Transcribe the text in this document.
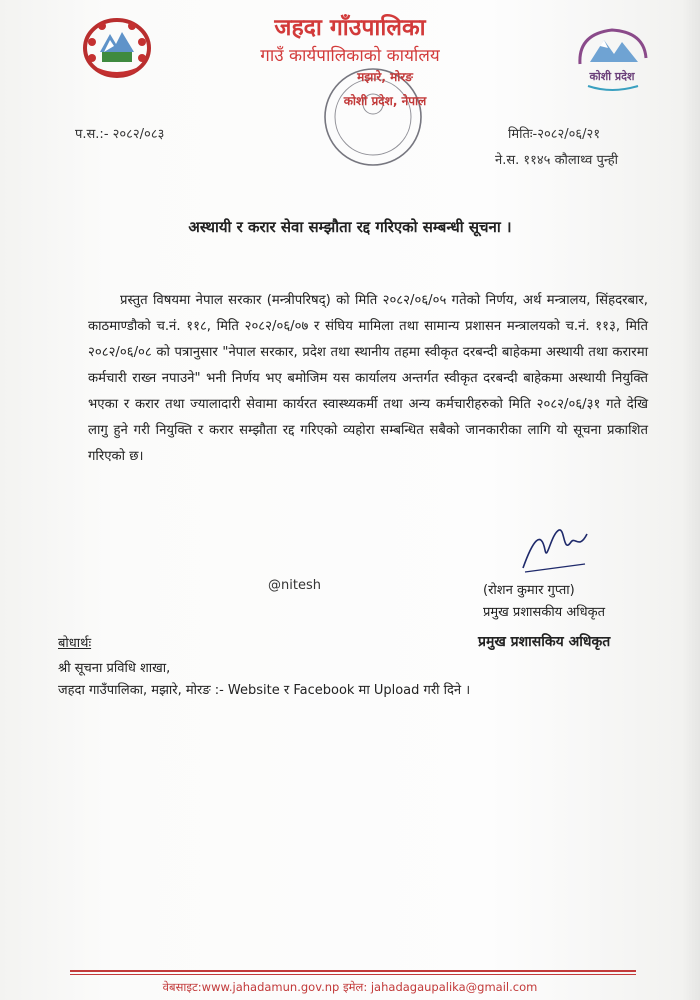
कोशी प्रदेश
जहदा गाँउपालिका
गाउँ कार्यपालिकाको कार्यालय
मझारे, मोरङ
कोशी प्रदेश, नेपाल
प.स.:- २०८२/०८३	मितिः-२०८२/०६/२१
ने.स. ११४५ कौलाथ्व पुन्ही
अस्थायी र करार सेवा सम्झौता रद्द गरिएको सम्बन्धी सूचना ।

प्रस्तुत विषयमा नेपाल सरकार (मन्त्रीपरिषद्) को मिति २०८२/०६/०५ गतेको निर्णय, अर्थ मन्त्रालय, सिंहदरबार, काठमाण्डौको च.नं. ११८, मिति २०८२/०६/०७ र संघिय मामिला तथा सामान्य प्रशासन मन्त्रालयको च.नं. ११३, मिति २०८२/०६/०८ को पत्रानुसार "नेपाल सरकार, प्रदेश तथा स्थानीय तहमा स्वीकृत दरबन्दी बाहेकमा अस्थायी तथा करारमा कर्मचारी राख्न नपाउने" भनी निर्णय भए बमोजिम यस कार्यालय अन्तर्गत स्वीकृत दरबन्दी बाहेकमा अस्थायी नियुक्ति भएका र करार तथा ज्यालादारी सेवामा कार्यरत स्वास्थ्यकर्मी तथा अन्य कर्मचारीहरुको मिति २०८२/०६/३१ गते देखि लागु हुने गरी नियुक्ति र करार सम्झौता रद्द गरिएको व्यहोरा सम्बन्धित सबैको जानकारीका लागि यो सूचना प्रकाशित गरिएको छ।

@nitesh	(रोशन कुमार गुप्ता)
प्रमुख प्रशासकीय अधिकृत
प्रमुख प्रशासकिय अधिकृत
बोधार्थः
श्री सूचना प्रविधि शाखा,
जहदा गाउँपालिका, मझारे, मोरङ :- Website र Facebook मा Upload गरी दिने ।
वेबसाइट:www.jahadamun.gov.np इमेल: jahadagaupalika@gmail.com
